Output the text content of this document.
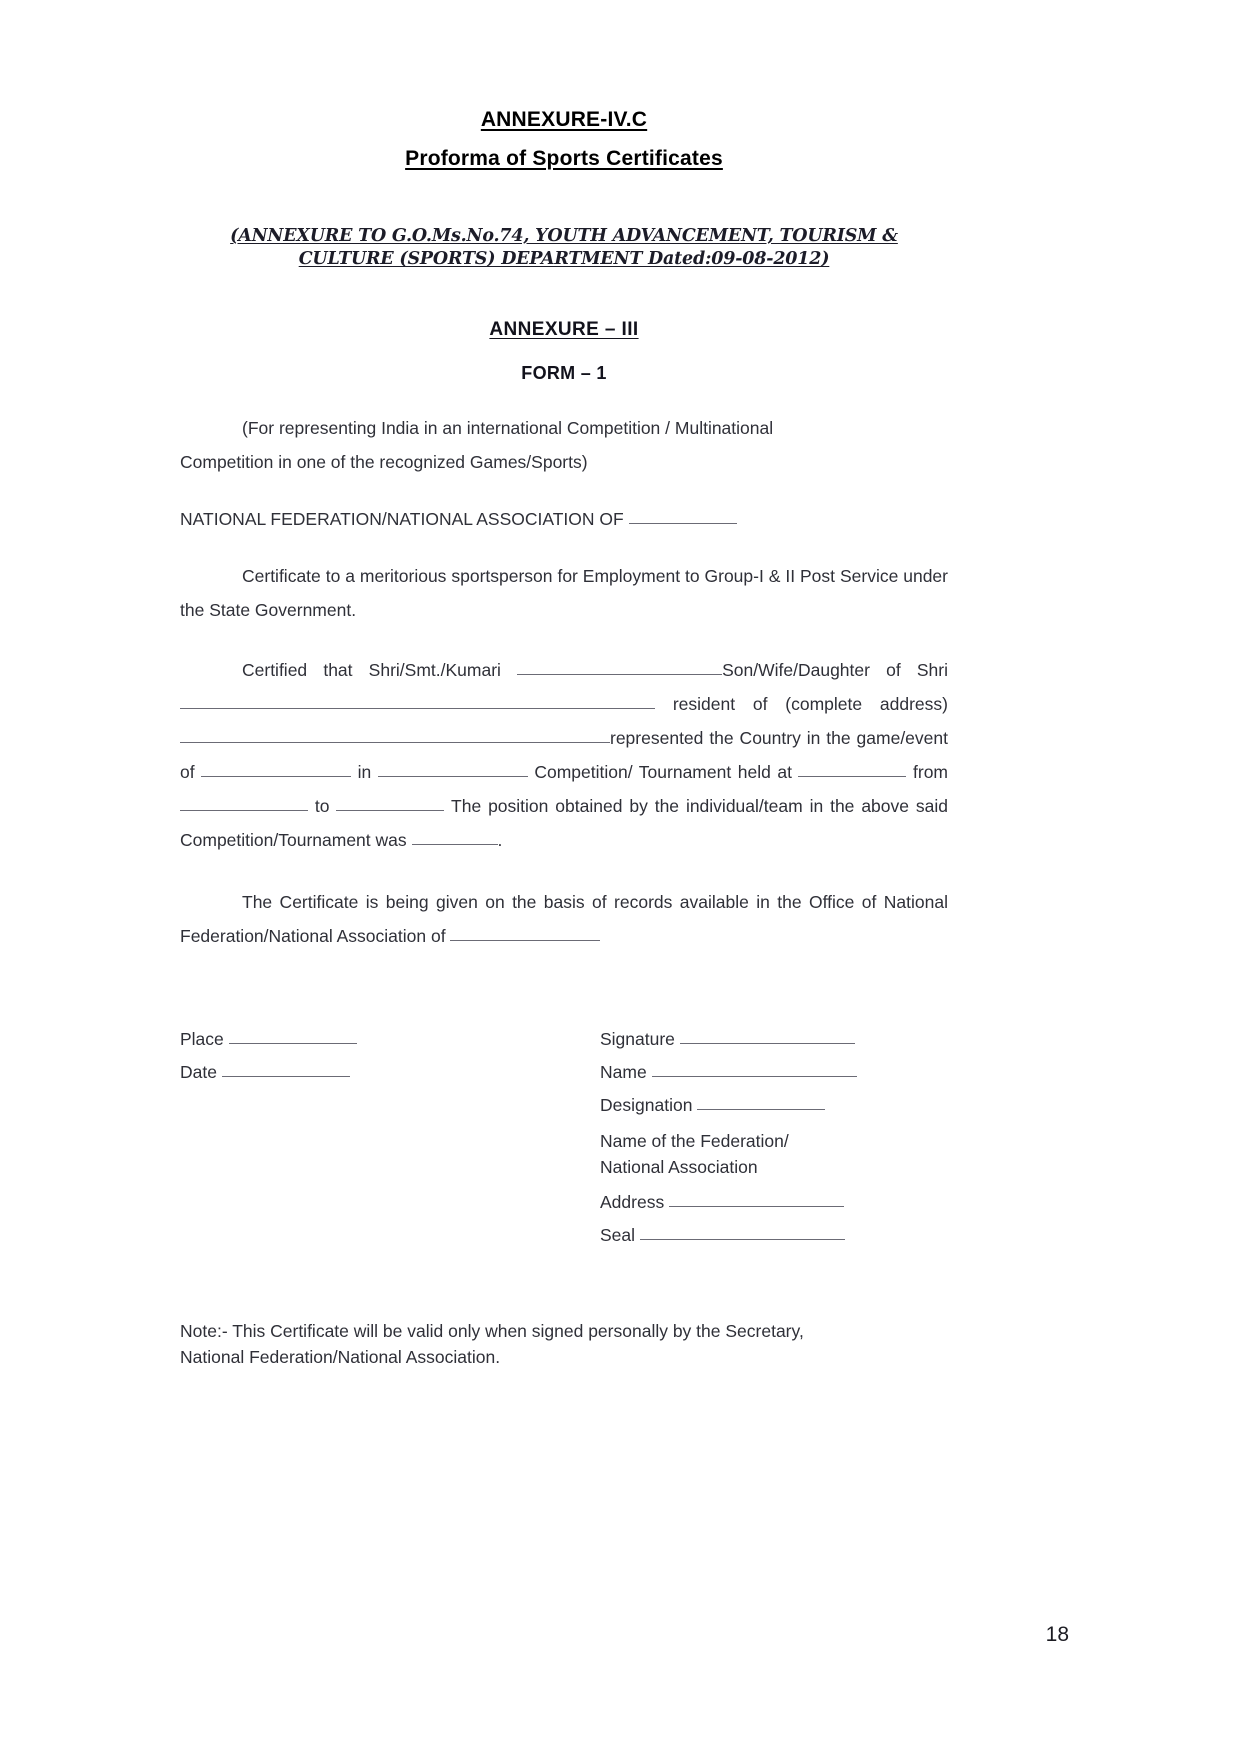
ANNEXURE-IV.C
Proforma of Sports Certificates
(ANNEXURE TO G.O.Ms.No.74, YOUTH ADVANCEMENT, TOURISM &
CULTURE (SPORTS) DEPARTMENT Dated:09-08-2012)
ANNEXURE – III
FORM – 1

(For representing India in an international Competition / Multinational

Competition in one of the recognized Games/Sports)

NATIONAL FEDERATION/NATIONAL ASSOCIATION OF

Certificate to a meritorious sportsperson for Employment to Group-I & II Post Service under the State Government.

Certified that Shri/Smt./Kumari	Son/Wife/Daughter of Shri  resident of (complete address) represented the Country in the game/event of	in	Competition/ Tournament held at	from  to	The position obtained by the individual/team in the above said Competition/Tournament was	.

The Certificate is being given on the basis of records available in the Office of National Federation/National Association of

Place
Date
Signature
Name
Designation
Name of the Federation/
National Association
Address
Seal
Note:- This Certificate will be valid only when signed personally by the Secretary,
National Federation/National Association.
18
